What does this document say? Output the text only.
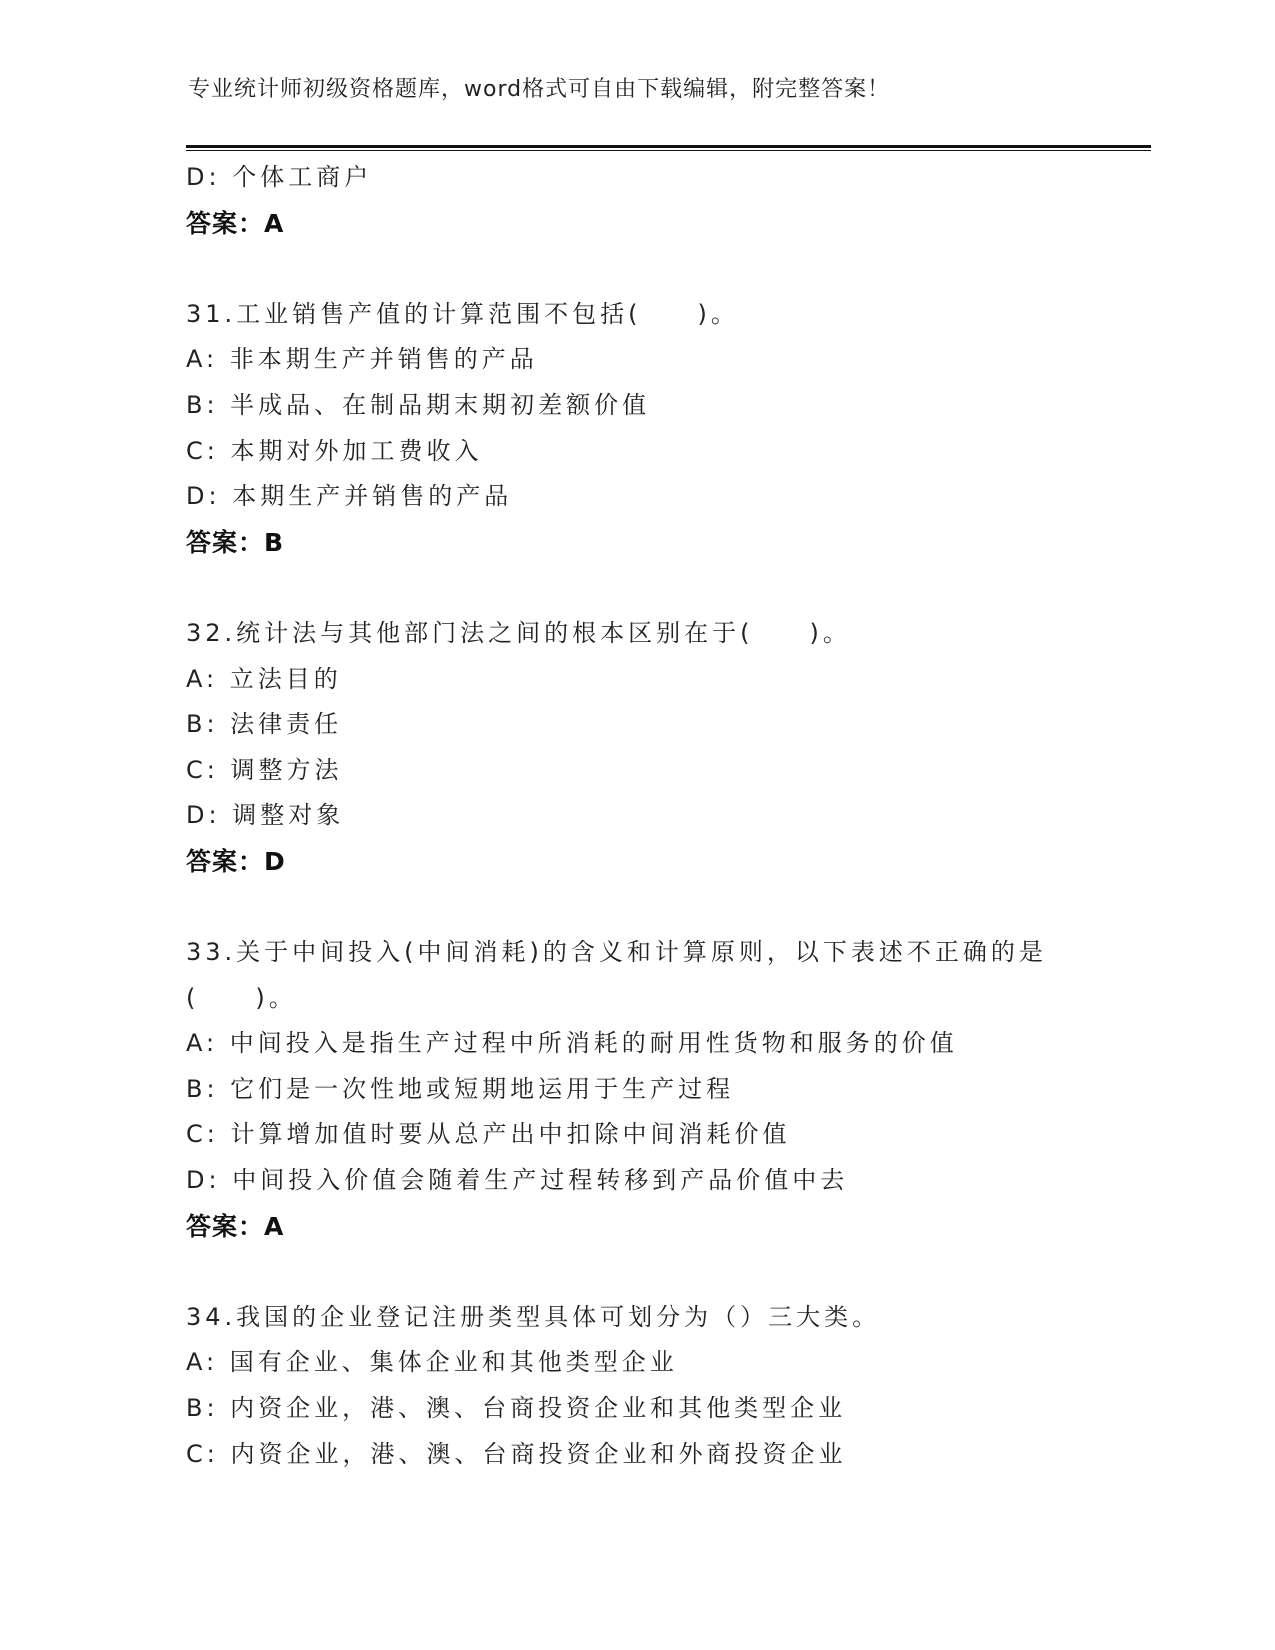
专业统计师初级资格题库，word格式可自由下载编辑，附完整答案！
D: 个体工商户
答案：A
31.工业销售产值的计算范围不包括(　　)。
A: 非本期生产并销售的产品
B: 半成品、在制品期末期初差额价值
C: 本期对外加工费收入
D: 本期生产并销售的产品
答案：B
32.统计法与其他部门法之间的根本区别在于(　　)。
A: 立法目的
B: 法律责任
C: 调整方法
D: 调整对象
答案：D
33.关于中间投入(中间消耗)的含义和计算原则，以下表述不正确的是
(　　)。
A: 中间投入是指生产过程中所消耗的耐用性货物和服务的价值
B: 它们是一次性地或短期地运用于生产过程
C: 计算增加值时要从总产出中扣除中间消耗价值
D: 中间投入价值会随着生产过程转移到产品价值中去
答案：A
34.我国的企业登记注册类型具体可划分为（）三大类。
A: 国有企业、集体企业和其他类型企业
B: 内资企业，港、澳、台商投资企业和其他类型企业
C: 内资企业，港、澳、台商投资企业和外商投资企业
